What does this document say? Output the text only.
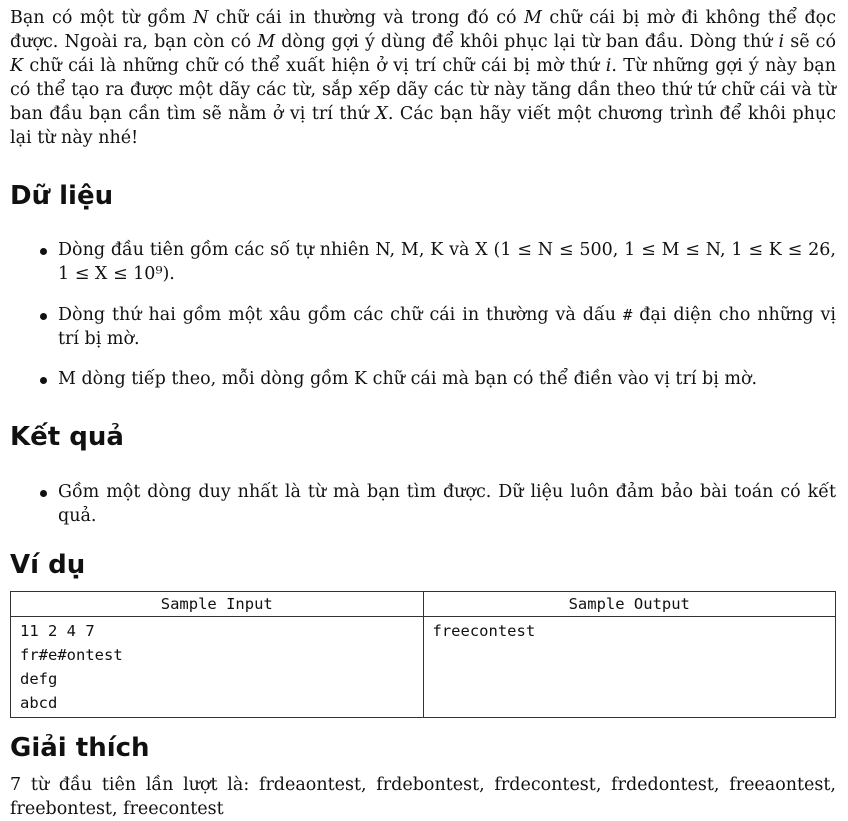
Bạn có một từ gồm N chữ cái in thường và trong đó có M chữ cái bị mờ đi không thể đọc được. Ngoài ra, bạn còn có M dòng gợi ý dùng để khôi phục lại từ ban đầu. Dòng thứ i sẽ có K chữ cái là những chữ có thể xuất hiện ở vị trí chữ cái bị mờ thứ i. Từ những gợi ý này bạn có thể tạo ra được một dãy các từ, sắp xếp dãy các từ này tăng dần theo thứ tứ chữ cái và từ ban đầu bạn cần tìm sẽ nằm ở vị trí thứ X. Các bạn hãy viết một chương trình để khôi phục lại từ này nhé!

Dữ liệu
Dòng đầu tiên gồm các số tự nhiên N, M, K và X (1 ≤ N ≤ 500, 1 ≤ M ≤ N, 1 ≤ K ≤ 26, 1 ≤ X ≤ 10⁹).
Dòng thứ hai gồm một xâu gồm các chữ cái in thường và dấu # đại diện cho những vị trí bị mờ.
M dòng tiếp theo, mỗi dòng gồm K chữ cái mà bạn có thể điền vào vị trí bị mờ.
Kết quả
Gồm một dòng duy nhất là từ mà bạn tìm được. Dữ liệu luôn đảm bảo bài toán có kết quả.
Ví dụ
Sample Input	Sample Output

11 2 4 7
fr#e#ontest
defg
abcd	freecontest
Giải thích

7 từ đầu tiên lần lượt là: frdeaontest, frdebontest, frdecontest, frdedontest, freeaontest, freebontest, freecontest
